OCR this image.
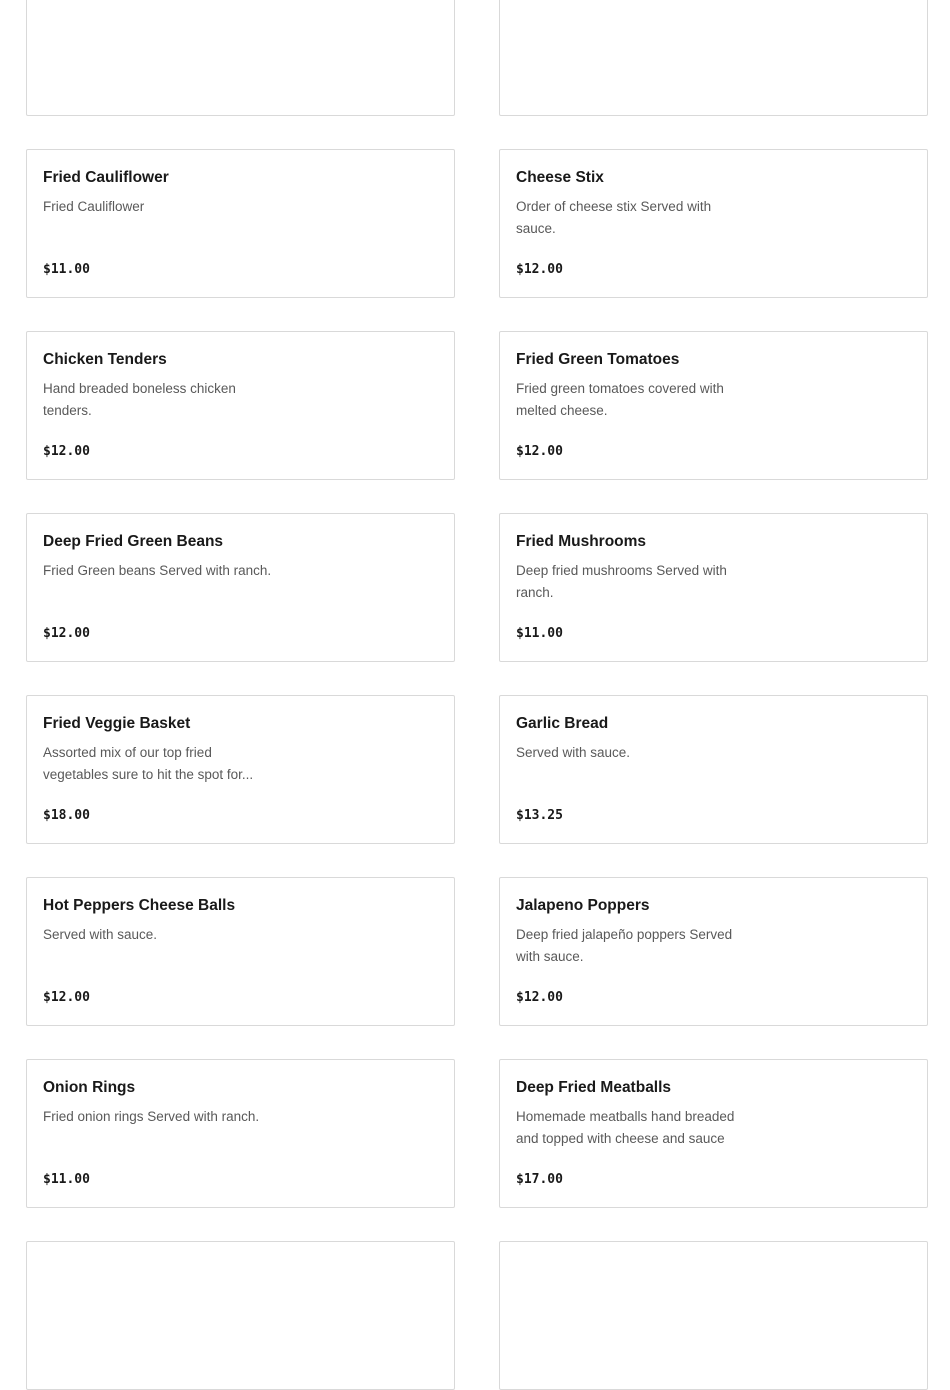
Fried Cauliflower
Fried Cauliflower
$11.00
Cheese Stix
Order of cheese stix Served with sauce.
$12.00
Chicken Tenders
Hand breaded boneless chicken tenders.
$12.00
Fried Green Tomatoes
Fried green tomatoes covered with melted cheese.
$12.00
Deep Fried Green Beans
Fried Green beans Served with ranch.
$12.00
Fried Mushrooms
Deep fried mushrooms Served with ranch.
$11.00
Fried Veggie Basket
Assorted mix of our top fried vegetables sure to hit the spot for...
$18.00
Garlic Bread
Served with sauce.
$13.25
Hot Peppers Cheese Balls
Served with sauce.
$12.00
Jalapeno Poppers
Deep fried jalapeño poppers Served with sauce.
$12.00
Onion Rings
Fried onion rings Served with ranch.
$11.00
Deep Fried Meatballs
Homemade meatballs hand breaded and topped with cheese and sauce
$17.00
